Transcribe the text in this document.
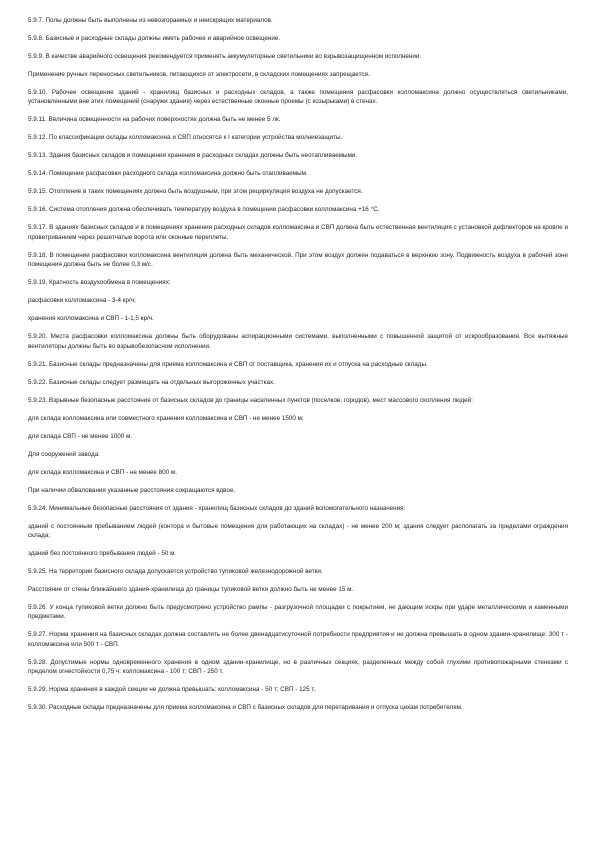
5.9.7. Полы должны быть выполнены из невозгораемых и неискрящих материалов.

5.9.8. Базисные и расходные склады должны иметь рабочее и аварийное освещение.

5.9.9. В качестве аварийного освещения рекомендуется применять аккумуляторные светильники во взрывозащищенном исполнении.

Применение ручных переносных светильников, питающихся от электросети, в складских помещениях запрещается.

5.9.10. Рабочее освещение зданий - хранилищ базисных и расходных складов, а также помещения расфасовки колломаксина должно осуществляться светильниками, установленными вне этих помещений (снаружи здания) через естественные оконные проемы (с козырьками) в стенах.

5.9.11. Величина освещенности на рабочих поверхностях должна быть не менее 5 лк.

5.9.12. По классификации склады колломаксина и СВП относятся к I категории устройства молниезащиты.

5.9.13. Здания базисных складов и помещения хранения в расходных складах должны быть неотапливаемыми.

5.9.14. Помещение расфасовки расходного склада колломаксина должно быть отапливаемым.

5.9.15. Отопление в таких помещениях должно быть воздушным, при этом рециркуляция воздуха не допускается.

5.9.16. Система отопления должна обеспечивать температуру воздуха в помещении расфасовки колломаксина +16 °С.

5.9.17. В зданиях базисных складов и в помещениях хранения расходных складов колломаксина и СВП должна быть естественная вентиляция с установкой дефлекторов на кровле и проветриванием через решетчатые ворота или оконные переплеты.

5.9.18. В помещении расфасовки колломаксина вентиляция должна быть механической. При этом воздух должен подаваться в верхнюю зону. Подвижность воздуха в рабочей зоне помещения должна быть не более 0,3 м/с.

5.9.19. Кратность воздухообмена в помещениях:

расфасовки колломаксина - 3-4 кр/ч;

хранения колломаксина и СВП - 1-1,5 кр/ч.

5.9.20. Места расфасовки колломаксина должны быть оборудованы аспирационными системами, выполненными с повышенной защитой от искрообразования. Все вытяжные вентиляторы должны быть во взрывобезопасном исполнении.

5.9.21. Базисные склады предназначены для приема колломаксина и СВП от поставщика, хранения их и отпуска на расходные склады.

5.9.22. Базисные склады следует размещать на отдельных выгороженных участках.

5.9.23. Взрывные безопасные расстояния от базисных складов до границы населенных пунктов (поселков, городов), мест массового скопления людей:

для склада колломаксина или совместного хранения колломаксина и СВП - не менее 1500 м;

для склада СВП - не менее 1000 м.

Для сооружений завода:

для склада колломаксина и СВП - не менее 800 м.

При наличии обвалования указанные расстояния сокращаются вдвое.

5.9.24. Минимальные безопасные расстояния от здания - хранилищ базисных складов до зданий вспомогательного назначения:

зданий с постоянным пребыванием людей (контора и бытовые помещения для работающих на складах) - не менее 200 м; здания следует располагать за пределами ограждения склада;

зданий без постоянного пребывания людей - 50 м.

5.9.25. На территории базисного склада допускается устройство тупиковой железнодорожной ветки.

Расстояние от стены ближайшего здания-хранилища до границы тупиковой ветки должно быть не менее 15 м.

5.9.26. У конца тупиковой ветки должно быть предусмотрено устройство рампы - разгрузочной площадки с покрытием, не дающим искры при ударе металлическими и каменными предметами.

5.9.27. Норма хранения на базисных складах должна составлять не более двенадцатисуточной потребности предприятия и не должна превышать в одном здании-хранилище: 300 т - колломаксина или 500 т - СВП.

5.9.28. Допустимые нормы одновременного хранения в одном здании-хранилище, но в различных секциях, разделенных между собой глухими противопожарными стенками с пределом огнестойкости 0,75 ч: колломаксина - 100 т; СВП - 250 т.

5.9.29. Норма хранения в каждой секции не должна превышать: колломаксина - 50 т; СВП - 125 т.

5.9.30. Расходные склады предназначены для приема колломаксина и СВП с базисных складов для перетаривания и отпуска цехам потребителям.
